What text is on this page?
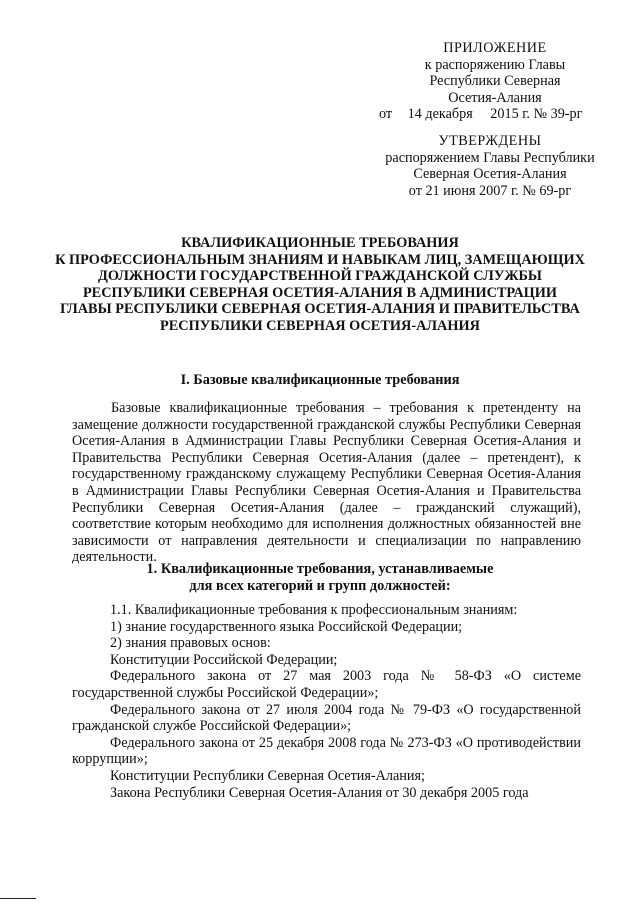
ПРИЛОЖЕНИЕ
к распоряжению Главы
Республики Северная
Осетия-Алания
от 14 декабря 2015 г. № 39-рг
УТВЕРЖДЕНЫ
распоряжением Главы Республики
Северная Осетия-Алания
от 21 июня 2007 г. № 69-рг
КВАЛИФИКАЦИОННЫЕ ТРЕБОВАНИЯ
К ПРОФЕССИОНАЛЬНЫМ ЗНАНИЯМ И НАВЫКАМ ЛИЦ, ЗАМЕЩАЮЩИХ
ДОЛЖНОСТИ ГОСУДАРСТВЕННОЙ ГРАЖДАНСКОЙ СЛУЖБЫ
РЕСПУБЛИКИ СЕВЕРНАЯ ОСЕТИЯ-АЛАНИЯ В АДМИНИСТРАЦИИ
ГЛАВЫ РЕСПУБЛИКИ СЕВЕРНАЯ ОСЕТИЯ-АЛАНИЯ И ПРАВИТЕЛЬСТВА
РЕСПУБЛИКИ СЕВЕРНАЯ ОСЕТИЯ-АЛАНИЯ
I. Базовые квалификационные требования
Базовые квалификационные требования – требования к претенденту на замещение должности государственной гражданской службы Республики Северная Осетия-Алания в Администрации Главы Республики Северная Осетия-Алания и Правительства Республики Северная Осетия-Алания (далее – претендент), к государственному гражданскому служащему Республики Северная Осетия-Алания в Администрации Главы Республики Северная Осетия-Алания и Правительства Республики Северная Осетия-Алания (далее – гражданский служащий), соответствие которым необходимо для исполнения должностных обязанностей вне зависимости от направления деятельности и специализации по направлению деятельности.
1. Квалификационные требования, устанавливаемые
для всех категорий и групп должностей:

1.1. Квалификационные требования к профессиональным знаниям:

1) знание государственного языка Российской Федерации;

2) знания правовых основ:

Конституции Российской Федерации;

Федерального закона от 27 мая 2003 года № 58-ФЗ «О системе государственной службы Российской Федерации»;

Федерального закона от 27 июля 2004 года № 79-ФЗ «О государственной гражданской службе Российской Федерации»;

Федерального закона от 25 декабря 2008 года № 273-ФЗ «О противодействии коррупции»;

Конституции Республики Северная Осетия-Алания;

Закона Республики Северная Осетия-Алания от 30 декабря 2005 года
